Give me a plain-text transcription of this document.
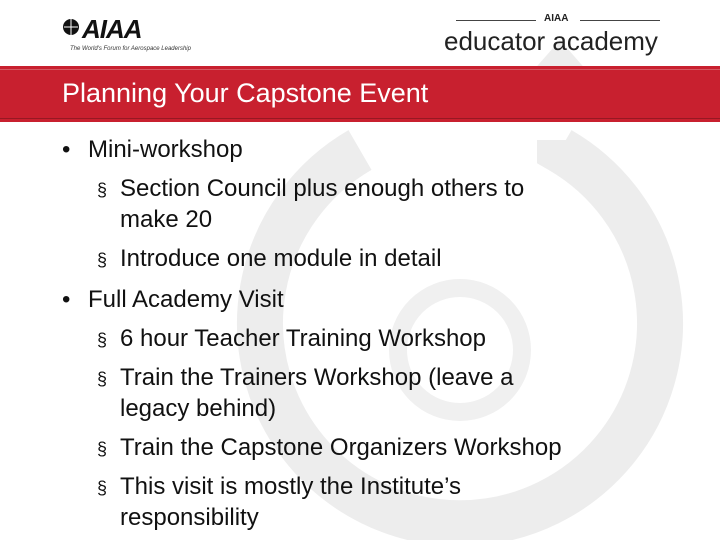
AIAA
The World's Forum for Aerospace Leadership
AIAA
educator academy
Planning Your Capstone Event
• Mini-workshop
§ Section Council plus enough others to
make 20
§ Introduce one module in detail
• Full Academy Visit
§ 6 hour Teacher Training Workshop
§ Train the Trainers Workshop (leave a
legacy behind)
§ Train the Capstone Organizers Workshop
§ This visit is mostly the Institute’s
responsibility
